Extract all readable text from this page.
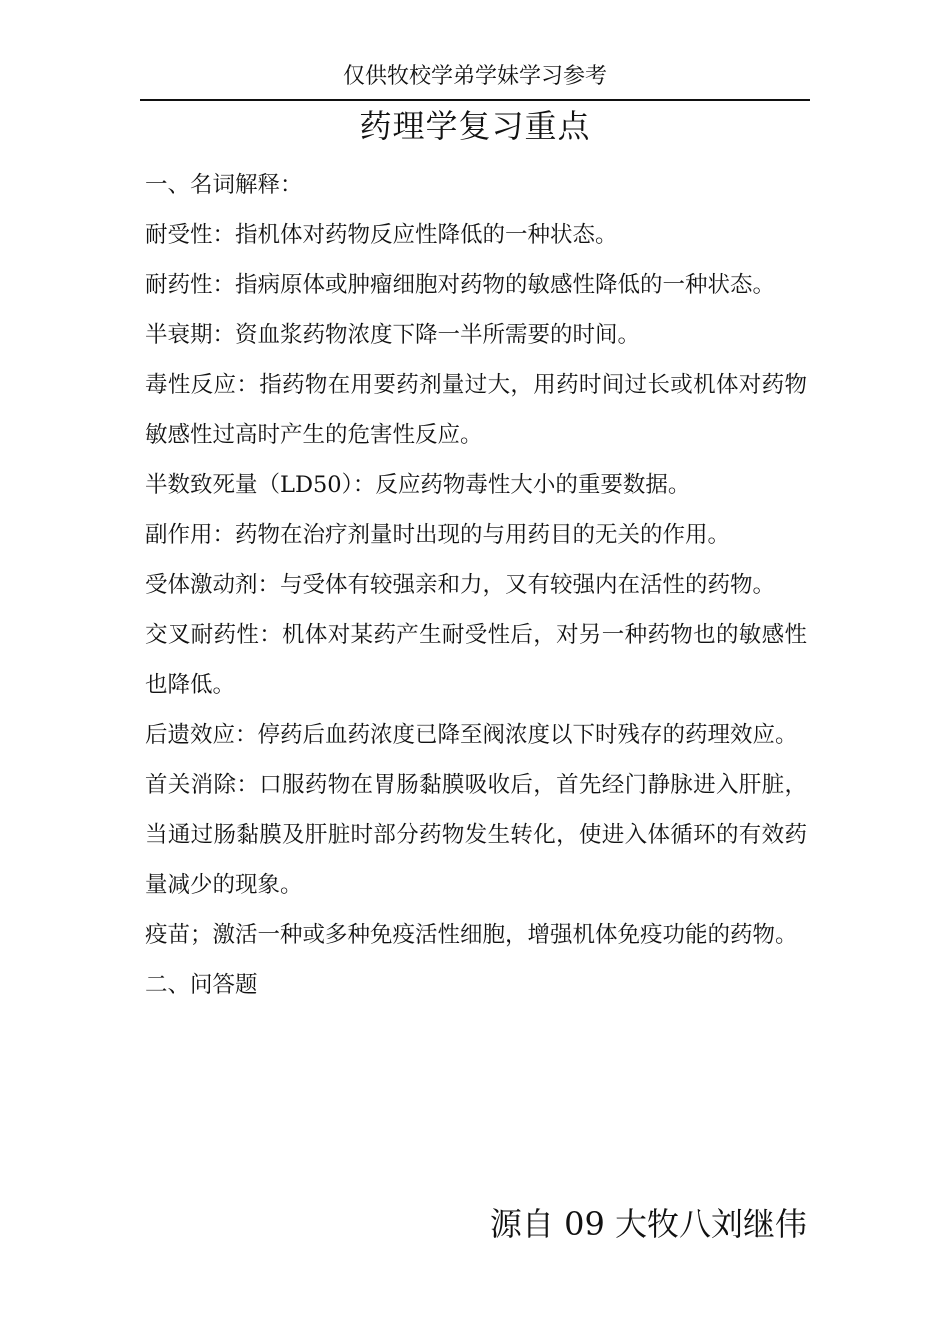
仅供牧校学弟学妹学习参考
药理学复习重点

一、名词解释：

耐受性：指机体对药物反应性降低的一种状态。

耐药性：指病原体或肿瘤细胞对药物的敏感性降低的一种状态。

半衰期：资血浆药物浓度下降一半所需要的时间。

毒性反应：指药物在用要药剂量过大，用药时间过长或机体对药物敏感性过高时产生的危害性反应。

半数致死量（LD50）：反应药物毒性大小的重要数据。

副作用：药物在治疗剂量时出现的与用药目的无关的作用。

受体激动剂：与受体有较强亲和力，又有较强内在活性的药物。

交叉耐药性：机体对某药产生耐受性后，对另一种药物也的敏感性也降低。

后遗效应：停药后血药浓度已降至阀浓度以下时残存的药理效应。

首关消除：口服药物在胃肠黏膜吸收后，首先经门静脉进入肝脏，当通过肠黏膜及肝脏时部分药物发生转化，使进入体循环的有效药量减少的现象。

疫苗；激活一种或多种免疫活性细胞，增强机体免疫功能的药物。

二、问答题

源自 09 大牧八刘继伟
